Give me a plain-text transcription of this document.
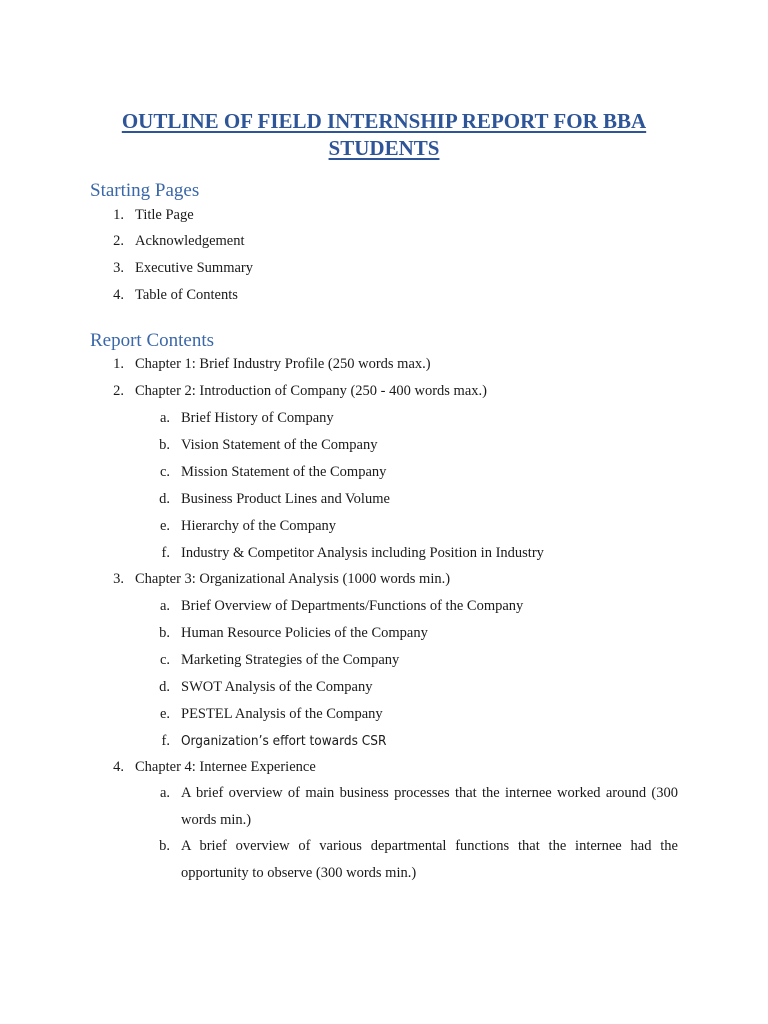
OUTLINE OF FIELD INTERNSHIP REPORT FOR BBA
STUDENTS
Starting Pages
1. Title Page
2. Acknowledgement
3. Executive Summary
4. Table of Contents
Report Contents
1. Chapter 1: Brief Industry Profile (250 words max.)
2. Chapter 2: Introduction of Company (250 - 400 words max.)
a. Brief History of Company
b. Vision Statement of the Company
c. Mission Statement of the Company
d. Business Product Lines and Volume
e. Hierarchy of the Company
f. Industry & Competitor Analysis including Position in Industry
3. Chapter 3: Organizational Analysis (1000 words min.)
a. Brief Overview of Departments/Functions of the Company
b. Human Resource Policies of the Company
c. Marketing Strategies of the Company
d. SWOT Analysis of the Company
e. PESTEL Analysis of the Company
f. Organization’s effort towards CSR
4. Chapter 4: Internee Experience
a. A brief overview of main business processes that the internee worked around (300 words min.)
b. A brief overview of various departmental functions that the internee had the opportunity to observe (300 words min.)
